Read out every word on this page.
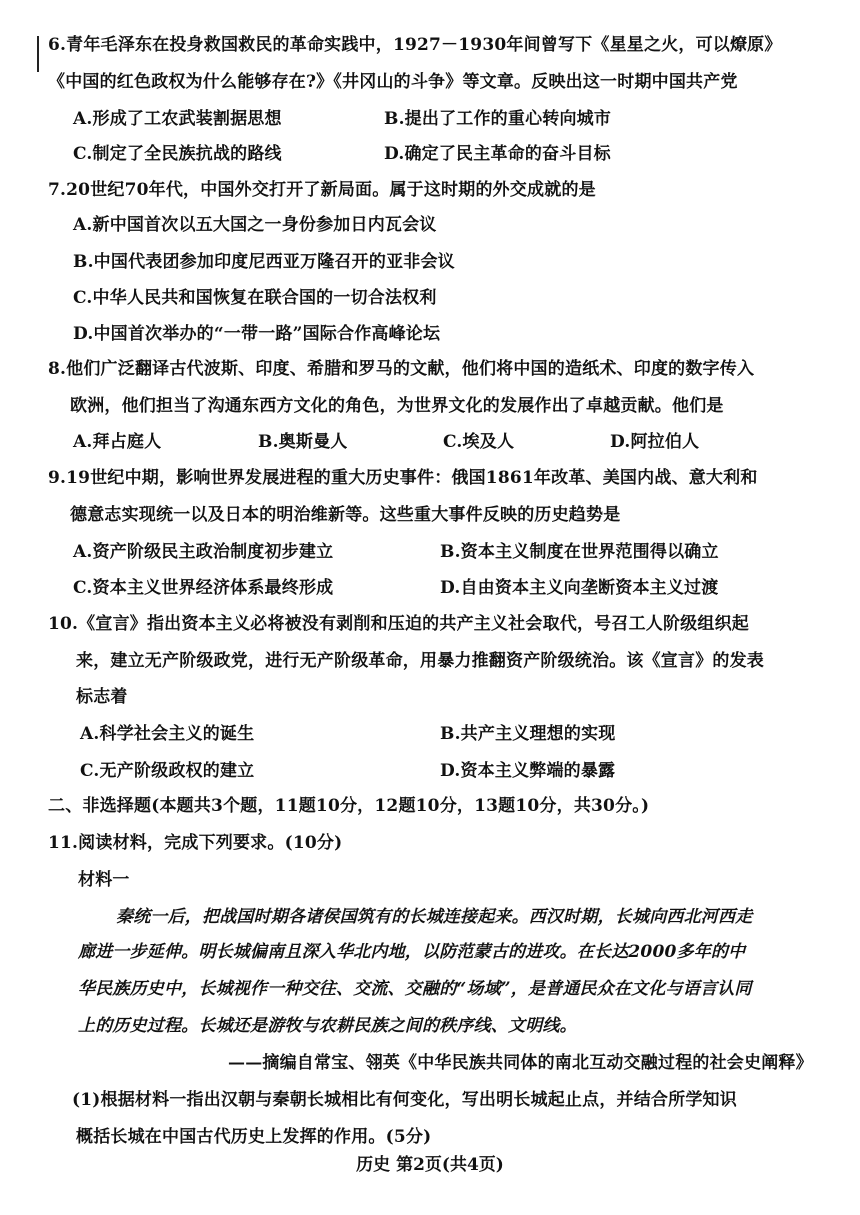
6.青年毛泽东在投身救国救民的革命实践中，1927－1930年间曾写下《星星之火，可以燎原》
《中国的红色政权为什么能够存在?》《井冈山的斗争》等文章。反映出这一时期中国共产党
A.形成了工农武装割据思想	B.提出了工作的重心转向城市
C.制定了全民族抗战的路线	D.确定了民主革命的奋斗目标
7.20世纪70年代，中国外交打开了新局面。属于这时期的外交成就的是
A.新中国首次以五大国之一身份参加日内瓦会议
B.中国代表团参加印度尼西亚万隆召开的亚非会议
C.中华人民共和国恢复在联合国的一切合法权利
D.中国首次举办的“一带一路”国际合作高峰论坛
8.他们广泛翻译古代波斯、印度、希腊和罗马的文献，他们将中国的造纸术、印度的数字传入
欧洲，他们担当了沟通东西方文化的角色，为世界文化的发展作出了卓越贡献。他们是
A.拜占庭人	B.奥斯曼人	C.埃及人	D.阿拉伯人
9.19世纪中期，影响世界发展进程的重大历史事件：俄国1861年改革、美国内战、意大利和
德意志实现统一以及日本的明治维新等。这些重大事件反映的历史趋势是
A.资产阶级民主政治制度初步建立	B.资本主义制度在世界范围得以确立
C.资本主义世界经济体系最终形成	D.自由资本主义向垄断资本主义过渡
10.《宣言》指出资本主义必将被没有剥削和压迫的共产主义社会取代，号召工人阶级组织起
来，建立无产阶级政党，进行无产阶级革命，用暴力推翻资产阶级统治。该《宣言》的发表
标志着
A.科学社会主义的诞生	B.共产主义理想的实现
C.无产阶级政权的建立	D.资本主义弊端的暴露
二、非选择题(本题共3个题，11题10分，12题10分，13题10分，共30分。)
11.阅读材料，完成下列要求。(10分)
材料一
秦统一后，把战国时期各诸侯国筑有的长城连接起来。西汉时期，长城向西北河西走
廊进一步延伸。明长城偏南且深入华北内地，以防范蒙古的进攻。在长达2000多年的中
华民族历史中，长城视作一种交往、交流、交融的“场域”，是普通民众在文化与语言认同
上的历史过程。长城还是游牧与农耕民族之间的秩序线、文明线。
——摘编自常宝、翎英《中华民族共同体的南北互动交融过程的社会史阐释》
(1)根据材料一指出汉朝与秦朝长城相比有何变化，写出明长城起止点，并结合所学知识
概括长城在中国古代历史上发挥的作用。(5分)
历史 第2页(共4页)
